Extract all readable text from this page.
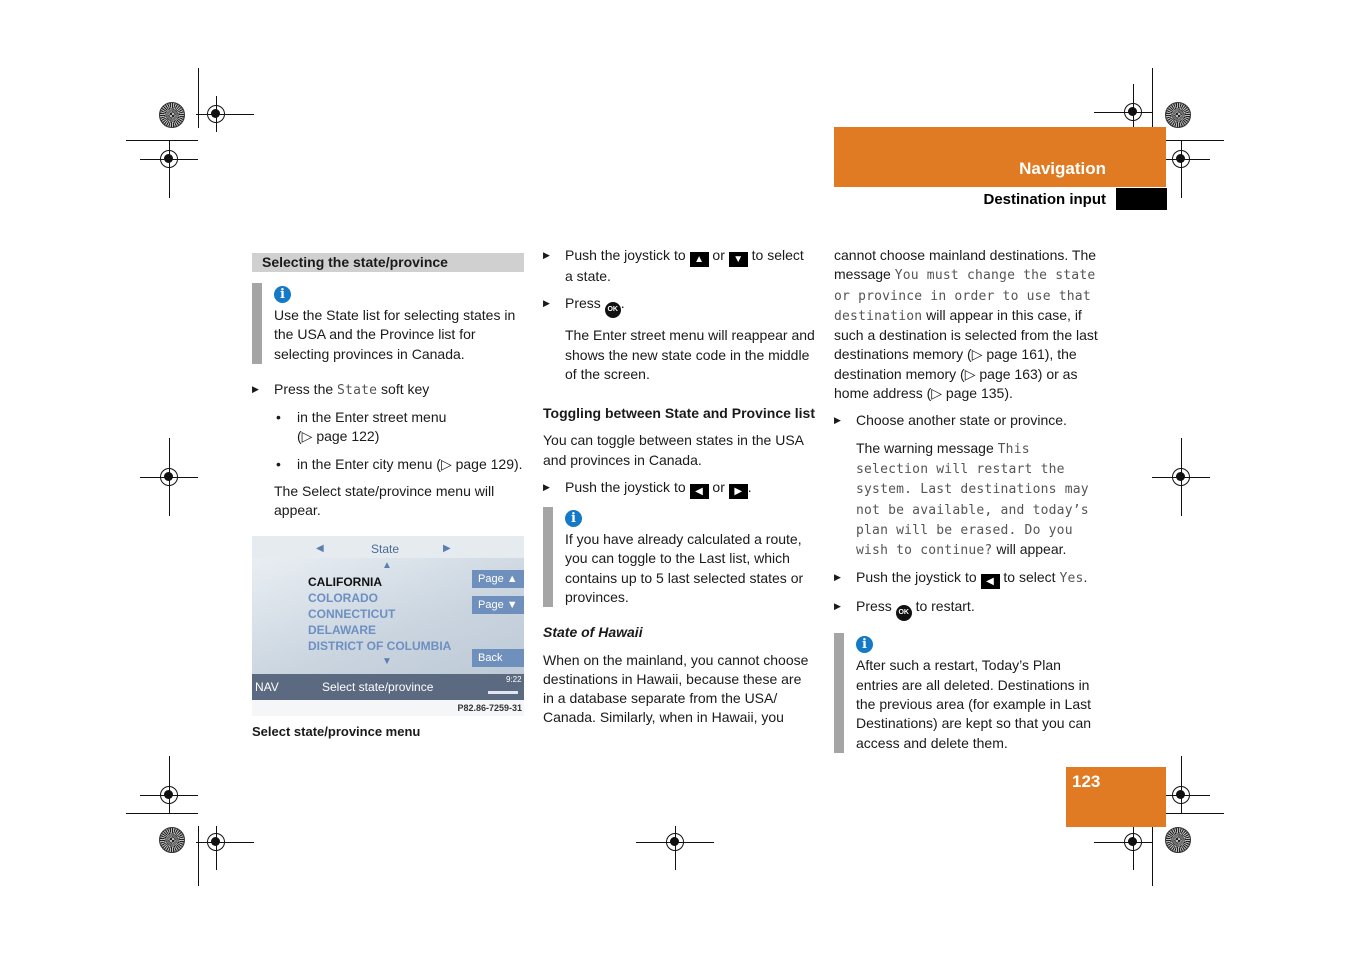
Navigation
Destination input
Selecting the state/province
i
Use the State list for selecting states in the USA and the Province list for selecting provinces in Canada.
▶ Press the State soft key
• in the Enter street menu
(▷ page 122)
• in the Enter city menu (▷ page 129).

The Select state/province menu will appear.

◀	State	▶
▲
CALIFORNIA
COLORADO
CONNECTICUT
DELAWARE
DISTRICT OF COLUMBIA
▼
Page ▲
Page ▼
Back
NAV	Select state/province
9:22
P82.86-7259-31
Select state/province menu
▶ Push the joystick to ▲ or ▼ to select a state.
▶ Press OK .

The Enter street menu will reappear and shows the new state code in the middle of the screen.

Toggling between State and Province list

You can toggle between states in the USA and provinces in Canada.

▶ Push the joystick to ◀ or ▶ .
i
If you have already calculated a route, you can toggle to the Last list, which contains up to 5 last selected states or provinces.

State of Hawaii

When on the mainland, you cannot choose destinations in Hawaii, because these are in a database separate from the USA/ Canada. Similarly, when in Hawaii, you

cannot choose mainland destinations. The message You must change the state or province in order to use that destination will appear in this case, if such a destination is selected from the last destinations memory (▷ page 161), the destination memory (▷ page 163) or as home address (▷ page 135).

▶ Choose another state or province.

The warning message This selection will restart the system. Last destinations may not be available, and today’s plan will be erased. Do you wish to continue? will appear.

▶ Push the joystick to ◀ to select Yes.
▶ Press OK to restart.
i
After such a restart, Today’s Plan entries are all deleted. Destinations in the previous area (for example in Last Destinations) are kept so that you can access and delete them.
123
